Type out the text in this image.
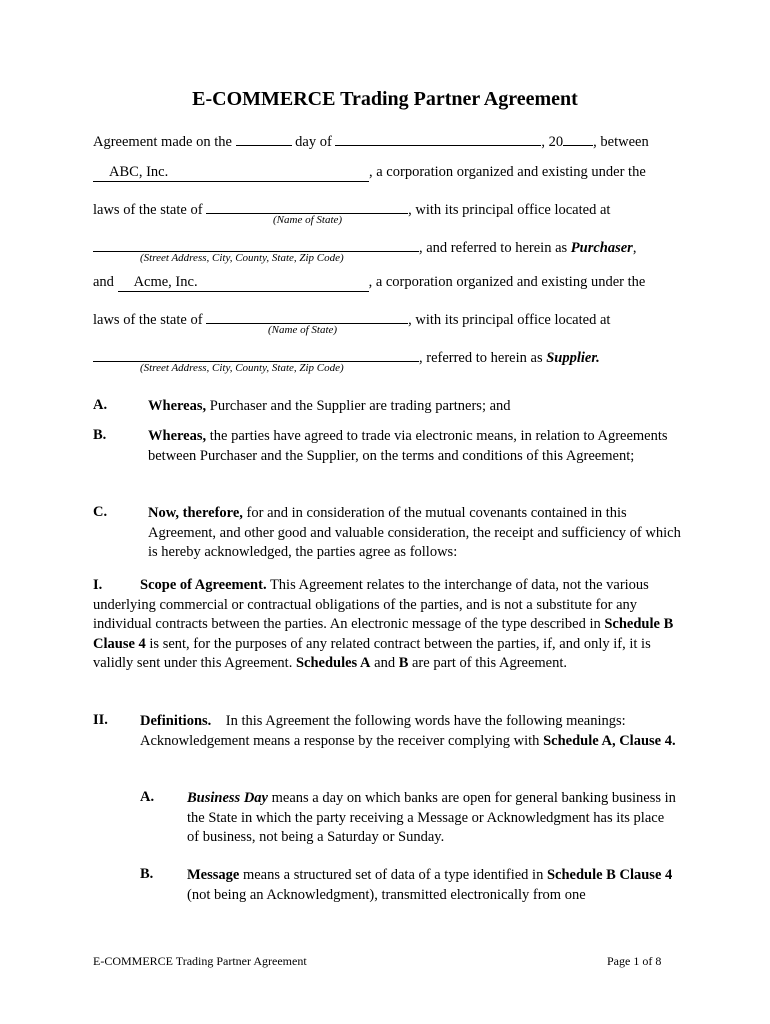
E-COMMERCE Trading Partner Agreement
Agreement made on the	day of	, 20 , between
ABC, Inc.	, a corporation organized and existing under the
laws of the state of	, with its principal office located at
(Name of State)
, and referred to herein as Purchaser,
(Street Address, City, County, State, Zip Code)
and Acme, Inc.	, a corporation organized and existing under the
laws of the state of	, with its principal office located at
(Name of State)
, referred to herein as Supplier.
(Street Address, City, County, State, Zip Code)
A.	Whereas, Purchaser and the Supplier are trading partners; and
B.	Whereas, the parties have agreed to trade via electronic means, in relation to Agreements between Purchaser and the Supplier, on the terms and conditions of this Agreement;
C.	Now, therefore, for and in consideration of the mutual covenants contained in this Agreement, and other good and valuable consideration, the receipt and sufficiency of which is hereby acknowledged, the parties agree as follows:
I.	Scope of Agreement. This Agreement relates to the interchange of data, not the various underlying commercial or contractual obligations of the parties, and is not a substitute for any individual contracts between the parties. An electronic message of the type described in Schedule B Clause 4 is sent, for the purposes of any related contract between the parties, if, and only if, it is validly sent under this Agreement. Schedules A and B are part of this Agreement.
II. Definitions.    In this Agreement the following words have the following meanings: Acknowledgement means a response by the receiver complying with Schedule A, Clause 4.
A. Business Day means a day on which banks are open for general banking business in the State in which the party receiving a Message or Acknowledgment has its place of business, not being a Saturday or Sunday.
B. Message means a structured set of data of a type identified in Schedule B Clause 4 (not being an Acknowledgment), transmitted electronically from one
E-COMMERCE Trading Partner Agreement	Page 1 of 8
